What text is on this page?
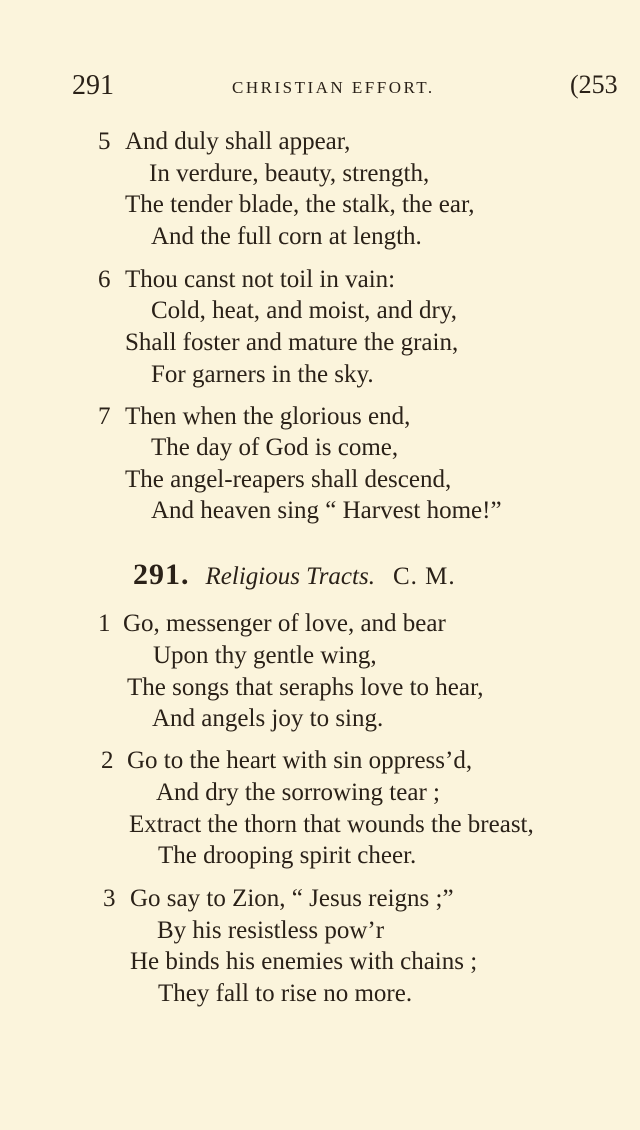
291	CHRISTIAN EFFORT.	(253
5 And duly shall appear,
In verdure, beauty, strength,
The tender blade, the stalk, the ear,
And the full corn at length.
6 Thou canst not toil in vain:
Cold, heat, and moist, and dry,
Shall foster and mature the grain,
For garners in the sky.
7 Then when the glorious end,
The day of God is come,
The angel-reapers shall descend,
And heaven sing “ Harvest home!”
291. Religious Tracts. C. M.
1 Go, messenger of love, and bear
Upon thy gentle wing,
The songs that seraphs love to hear,
And angels joy to sing.
2 Go to the heart with sin oppress’d,
And dry the sorrowing tear ;
Extract the thorn that wounds the breast,
The drooping spirit cheer.
3 Go say to Zion, “ Jesus reigns ;”
By his resistless pow’r
He binds his enemies with chains ;
They fall to rise no more.
